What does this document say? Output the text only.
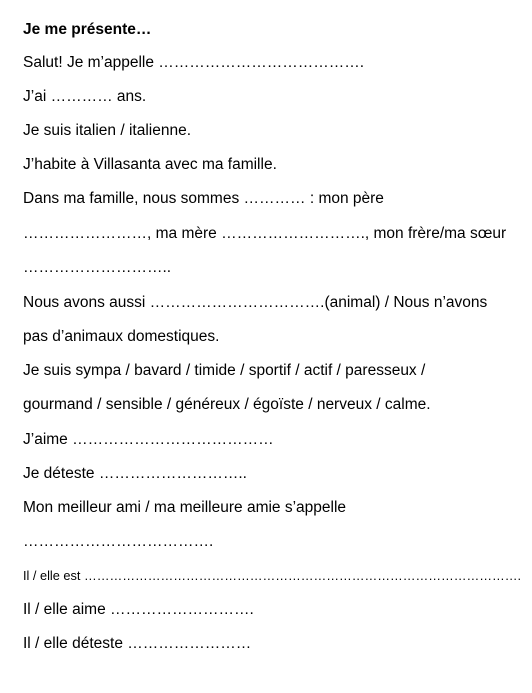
Je me présente…
Salut! Je m’appelle ………………………………….
J’ai ………… ans.
Je suis italien / italienne.
J’habite à Villasanta avec ma famille.
Dans ma famille, nous sommes ………… : mon père
……………………, ma mère ………………………., mon frère/ma sœur
………………………..
Nous avons aussi …………………………….(animal) / Nous n’avons
pas d’animaux domestiques.
Je suis sympa / bavard / timide / sportif / actif / paresseux /
gourmand / sensible / généreux / égoïste / nerveux / calme.
J’aime …………………………………
Je déteste ………………………..
Mon meilleur ami / ma meilleure amie s’appelle
……………………………….
Il / elle est ………………………………………………………………………………………….
Il / elle aime ……………………….
Il / elle déteste ……………………
